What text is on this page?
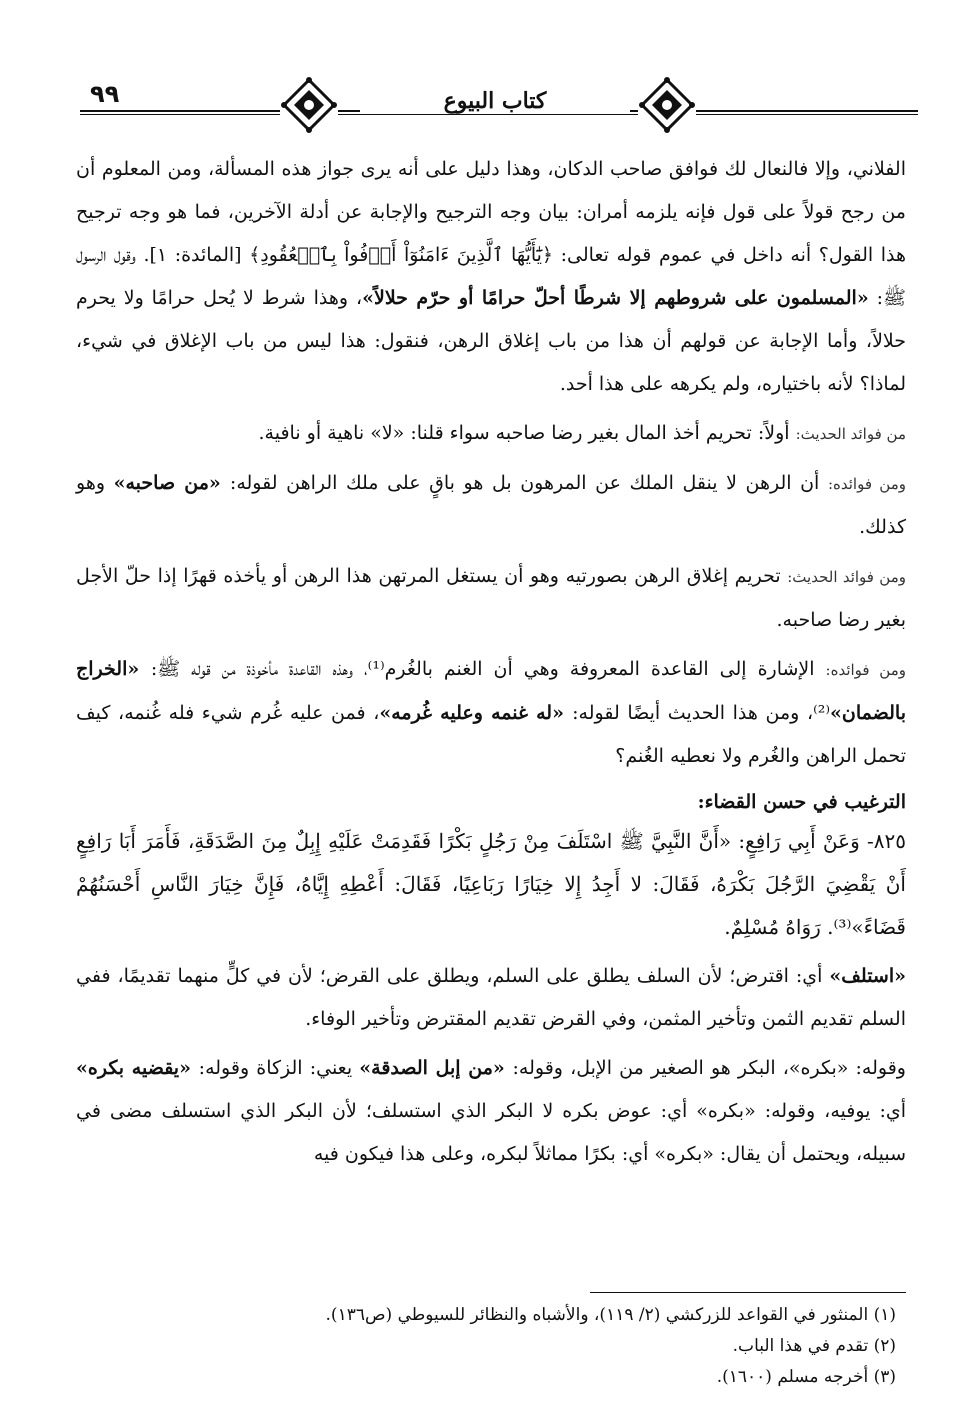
٩٩	كتاب البيوع

الفلاني، وإلا فالنعال لك فوافق صاحب الدكان، وهذا دليل على أنه يرى جواز هذه المسألة، ومن المعلوم أن من رجح قولاً على قول فإنه يلزمه أمران: بيان وجه الترجيح والإجابة عن أدلة الآخرين، فما هو وجه ترجيح هذا القول؟ أنه داخل في عموم قوله تعالى: ﴿يَٰٓأَيُّهَا ٱلَّذِينَ ءَامَنُوٓاْ أَوۡفُواْ بِٱلۡعُقُودِ﴾ [المائدة: ١]. وقول الرسول ﷺ: «المسلمون على شروطهم إلا شرطًا أحلّ حرامًا أو حرّم حلالاً»، وهذا شرط لا يُحل حرامًا ولا يحرم حلالاً، وأما الإجابة عن قولهم أن هذا من باب إغلاق الرهن، فنقول: هذا ليس من باب الإغلاق في شيء، لماذا؟ لأنه باختياره، ولم يكرهه على هذا أحد.

من فوائد الحديث: أولاً: تحريم أخذ المال بغير رضا صاحبه سواء قلنا: «لا» ناهية أو نافية.

ومن فوائده: أن الرهن لا ينقل الملك عن المرهون بل هو باقٍ على ملك الراهن لقوله: «من صاحبه» وهو كذلك.

ومن فوائد الحديث: تحريم إغلاق الرهن بصورتيه وهو أن يستغل المرتهن هذا الرهن أو يأخذه قهرًا إذا حلّ الأجل بغير رضا صاحبه.

ومن فوائده: الإشارة إلى القاعدة المعروفة وهي أن الغنم بالغُرم⁽¹⁾، وهذه القاعدة مأخوذة من قوله ﷺ: «الخراج بالضمان»⁽²⁾، ومن هذا الحديث أيضًا لقوله: «له غنمه وعليه غُرمه»، فمن عليه غُرم شيء فله غُنمه، كيف تحمل الراهن والغُرم ولا نعطيه الغُنم؟

الترغيب في حسن القضاء:

٨٢٥- وَعَنْ أَبِي رَافِعٍ: «أَنَّ النَّبِيَّ ﷺ اسْتَلَفَ مِنْ رَجُلٍ بَكْرًا فَقَدِمَتْ عَلَيْهِ إِبِلٌ مِنَ الصَّدَقَةِ، فَأَمَرَ أَبَا رَافِعٍ أَنْ يَقْضِيَ الرَّجُلَ بَكْرَهُ، فَقَالَ: لا أَجِدُ إِلا خِيَارًا رَبَاعِيًا، فَقَالَ: أَعْطِهِ إِيَّاهُ، فَإِنَّ خِيَارَ النَّاسِ أَحْسَنُهُمْ قَضَاءً»⁽³⁾. رَوَاهُ مُسْلِمٌ.

«استلف» أي: اقترض؛ لأن السلف يطلق على السلم، ويطلق على القرض؛ لأن في كلٍّ منهما تقديمًا، ففي السلم تقديم الثمن وتأخير المثمن، وفي القرض تقديم المقترض وتأخير الوفاء.

وقوله: «بكره»، البكر هو الصغير من الإبل، وقوله: «من إبل الصدقة» يعني: الزكاة وقوله: «يقضيه بكره» أي: يوفيه، وقوله: «بكره» أي: عوض بكره لا البكر الذي استسلف؛ لأن البكر الذي استسلف مضى في سبيله، ويحتمل أن يقال: «بكره» أي: بكرًا مماثلاً لبكره، وعلى هذا فيكون فيه

(١) المنثور في القواعد للزركشي (٢/ ١١٩)، والأشباه والنظائر للسيوطي (ص١٣٦).

(٢) تقدم في هذا الباب.

(٣) أخرجه مسلم (١٦٠٠).
